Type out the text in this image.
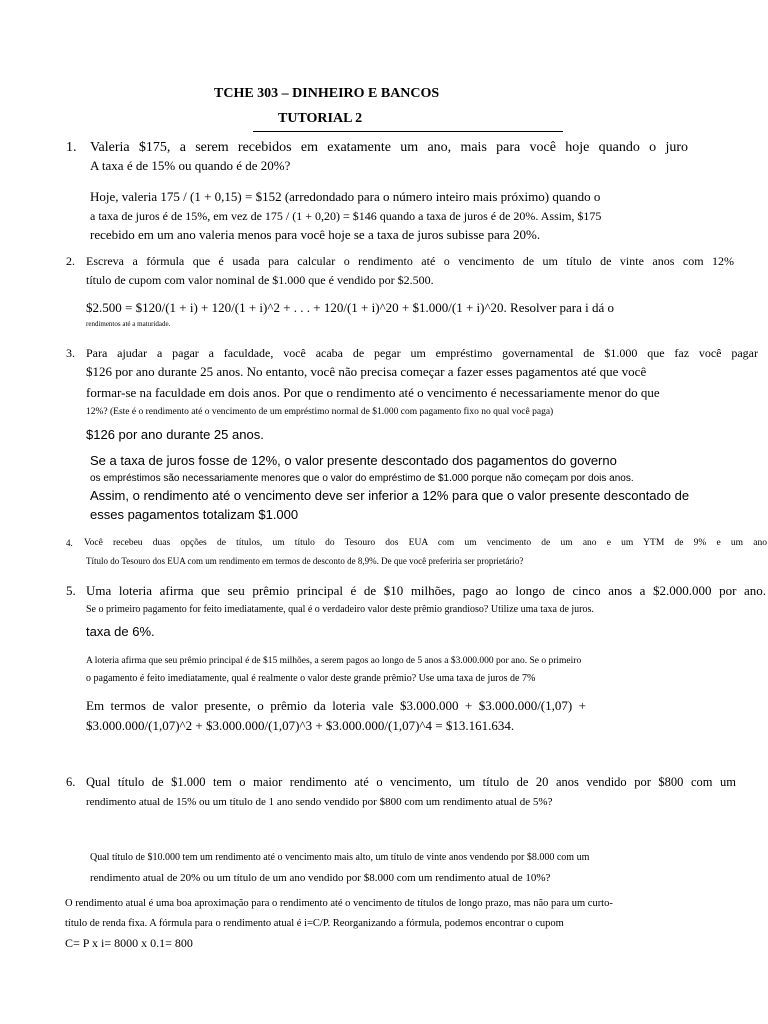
TCHE 303 – DINHEIRO E BANCOS
TUTORIAL 2
1. Valeria $175, a serem recebidos em exatamente um ano, mais para você hoje quando o juro
A taxa é de 15% ou quando é de 20%?
Hoje, valeria 175 / (1 + 0,15) = $152 (arredondado para o número inteiro mais próximo) quando o
a taxa de juros é de 15%, em vez de 175 / (1 + 0,20) = $146 quando a taxa de juros é de 20%. Assim, $175
recebido em um ano valeria menos para você hoje se a taxa de juros subisse para 20%.
2. Escreva a fórmula que é usada para calcular o rendimento até o vencimento de um título de vinte anos com 12%
título de cupom com valor nominal de $1.000 que é vendido por $2.500.
$2.500 = $120/(1 + i) + 120/(1 + i)^2 + . . . + 120/(1 + i)^20 + $1.000/(1 + i)^20. Resolver para i dá o
rendimentos até a maturidade.
3. Para ajudar a pagar a faculdade, você acaba de pegar um empréstimo governamental de $1.000 que faz você pagar
$126 por ano durante 25 anos. No entanto, você não precisa começar a fazer esses pagamentos até que você
formar-se na faculdade em dois anos. Por que o rendimento até o vencimento é necessariamente menor do que
12%? (Este é o rendimento até o vencimento de um empréstimo normal de $1.000 com pagamento fixo no qual você paga)
$126 por ano durante 25 anos.
Se a taxa de juros fosse de 12%, o valor presente descontado dos pagamentos do governo
os empréstimos são necessariamente menores que o valor do empréstimo de $1.000 porque não começam por dois anos.
Assim, o rendimento até o vencimento deve ser inferior a 12% para que o valor presente descontado de
esses pagamentos totalizam $1.000
4. Você recebeu duas opções de títulos, um título do Tesouro dos EUA com um vencimento de um ano e um YTM de 9% e um ano
Título do Tesouro dos EUA com um rendimento em termos de desconto de 8,9%. De que você preferiria ser proprietário?
5. Uma loteria afirma que seu prêmio principal é de $10 milhões, pago ao longo de cinco anos a $2.000.000 por ano.
Se o primeiro pagamento for feito imediatamente, qual é o verdadeiro valor deste prêmio grandioso? Utilize uma taxa de juros.
taxa de 6%.
A loteria afirma que seu prêmio principal é de $15 milhões, a serem pagos ao longo de 5 anos a $3.000.000 por ano. Se o primeiro
o pagamento é feito imediatamente, qual é realmente o valor deste grande prêmio? Use uma taxa de juros de 7%
Em termos de valor presente, o prêmio da loteria vale $3.000.000 + $3.000.000/(1,07) +
$3.000.000/(1,07)^2 + $3.000.000/(1,07)^3 + $3.000.000/(1,07)^4 = $13.161.634.
6. Qual título de $1.000 tem o maior rendimento até o vencimento, um título de 20 anos vendido por $800 com um
rendimento atual de 15% ou um título de 1 ano sendo vendido por $800 com um rendimento atual de 5%?
Qual título de $10.000 tem um rendimento até o vencimento mais alto, um título de vinte anos vendendo por $8.000 com um
rendimento atual de 20% ou um título de um ano vendido por $8.000 com um rendimento atual de 10%?
O rendimento atual é uma boa aproximação para o rendimento até o vencimento de títulos de longo prazo, mas não para um curto-
título de renda fixa. A fórmula para o rendimento atual é i=C/P. Reorganizando a fórmula, podemos encontrar o cupom
C= P x i= 8000 x 0.1= 800
